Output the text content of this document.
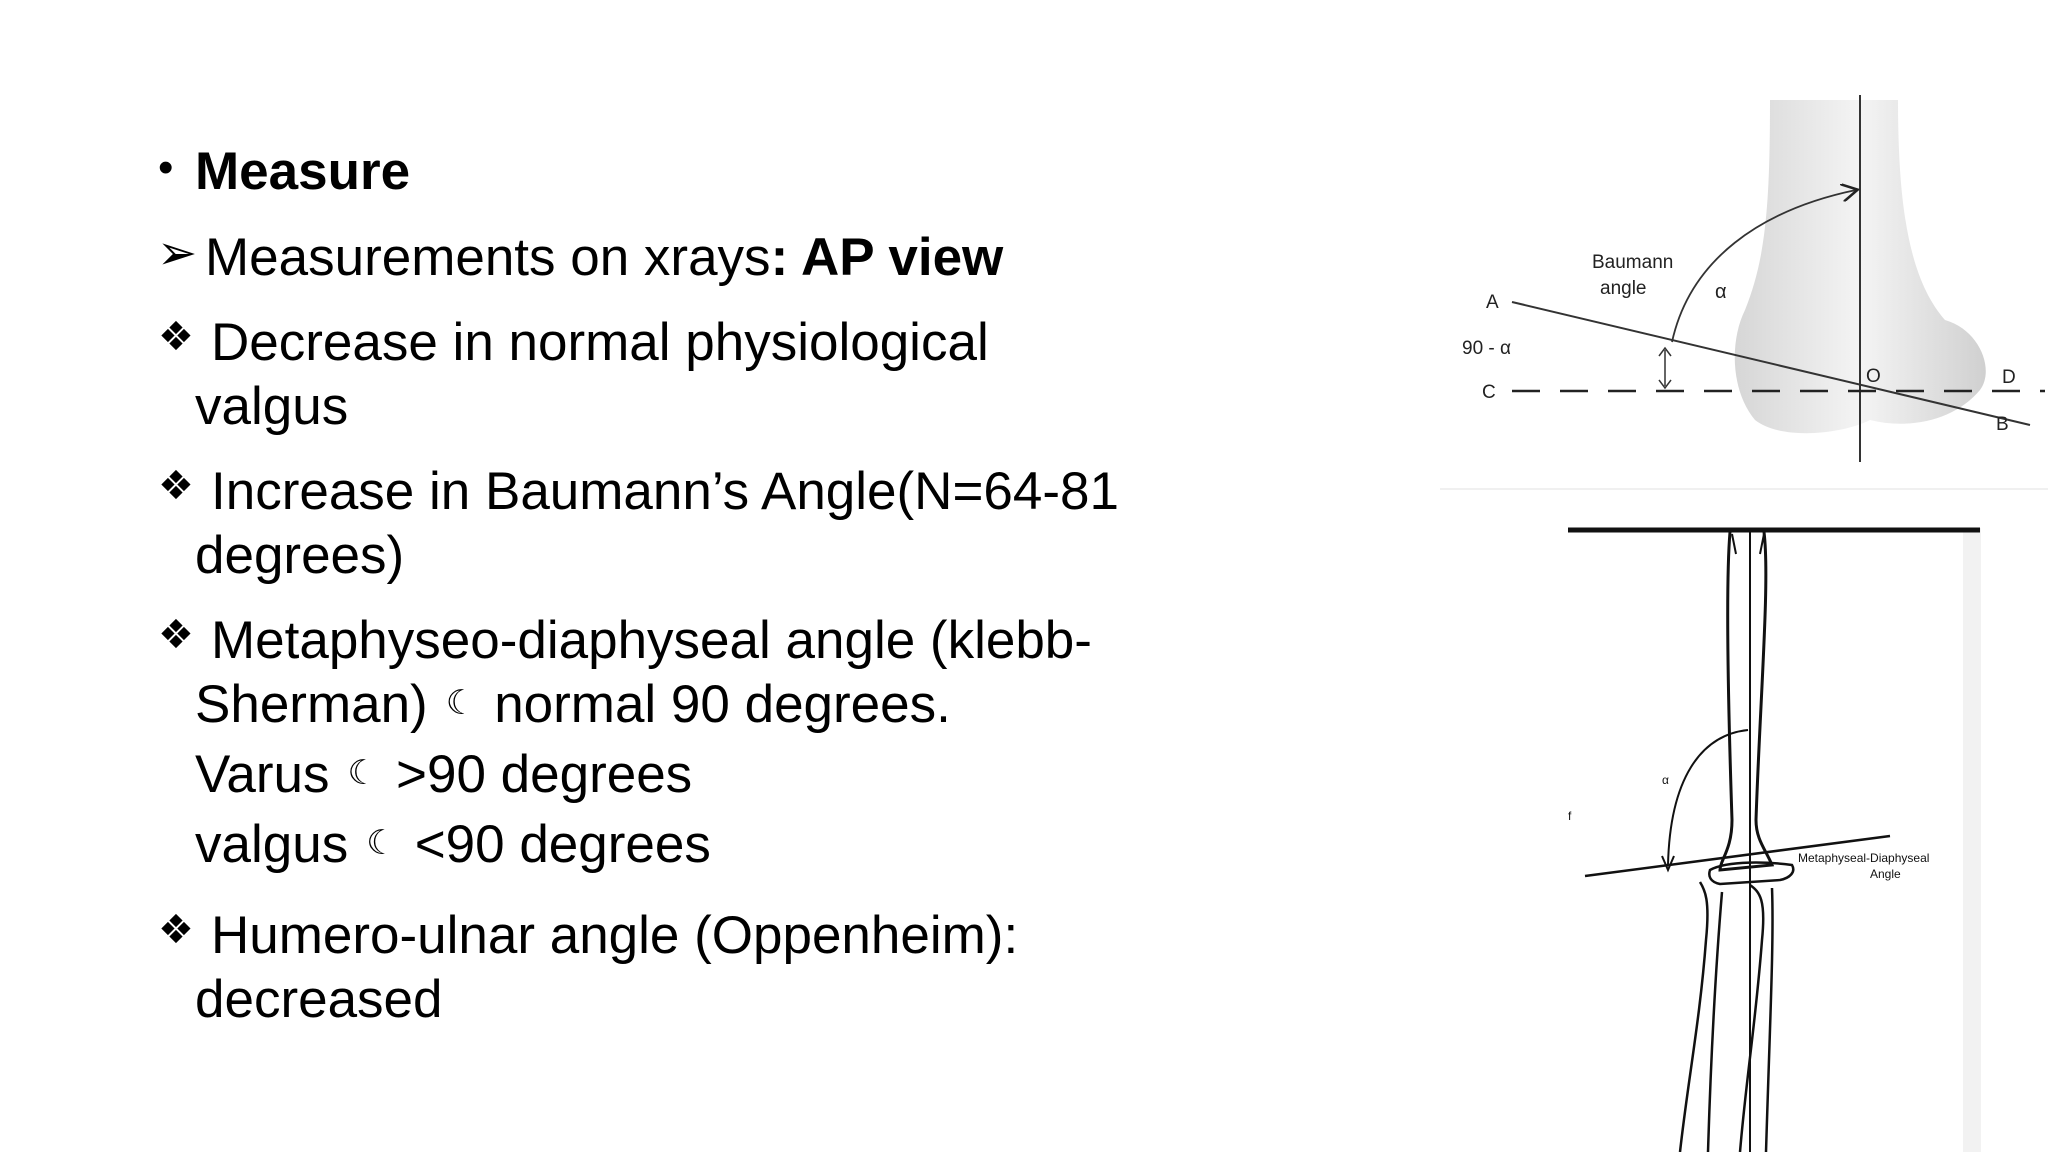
• Measure
➢ Measurements on xrays: AP view
❖ Decrease in normal physiological
valgus
❖ Increase in Baumann’s Angle(N=64-81
degrees)
❖ Metaphyseo-diaphyseal angle (klebb-
Sherman) ☾ normal 90 degrees.
Varus ☾ >90 degrees
valgus ☾ <90 degrees
❖ Humero-ulnar angle (Oppenheim):
decreased
Baumann
angle	α
A
90 - α
C
O	D
B
α
f
Metaphyseal-Diaphyseal
Angle
